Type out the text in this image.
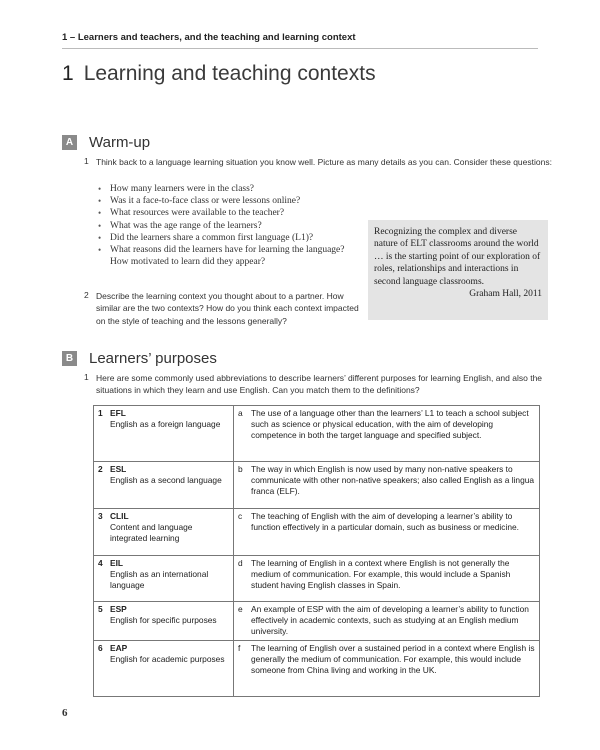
1 – Learners and teachers, and the teaching and learning context
1 Learning and teaching contexts
A Warm-up
1 Think back to a language learning situation you know well. Picture as many details as you can. Consider these questions:
• How many learners were in the class?
• Was it a face-to-face class or were lessons online?
• What resources were available to the teacher?
• What was the age range of the learners?
• Did the learners share a common first language (L1)?
• What reasons did the learners have for learning the language? How motivated to learn did they appear?
2 Describe the learning context you thought about to a partner. How similar are the two contexts? How do you think each context impacted on the style of teaching and the lessons generally?
Recognizing the complex and diverse nature of ELT classrooms around the world … is the starting point of our exploration of roles, relationships and interactions in second language classrooms.
Graham Hall, 2011
B Learners’ purposes
1 Here are some commonly used abbreviations to describe learners’ different purposes for learning English, and also the situations in which they learn and use English. Can you match them to the definitions?
1 EFL
English as a foreign language	a The use of a language other than the learners’ L1 to teach a school subject such as science or physical education, with the aim of developing competence in both the target language and specified subject.
2 ESL
English as a second language	b The way in which English is now used by many non-native speakers to communicate with other non-native speakers; also called English as a lingua franca (ELF).
3 CLIL
Content and language integrated learning	c The teaching of English with the aim of developing a learner’s ability to function effectively in a particular domain, such as business or medicine.
4 EIL
English as an international language	d The learning of English in a context where English is not generally the medium of communication. For example, this would include a Spanish student having English classes in Spain.
5 ESP
English for specific purposes	e An example of ESP with the aim of developing a learner’s ability to function effectively in academic contexts, such as studying at an English medium university.
6 EAP
English for academic purposes	f The learning of English over a sustained period in a context where English is generally the medium of communication. For example, this would include someone from China living and working in the UK.
6
